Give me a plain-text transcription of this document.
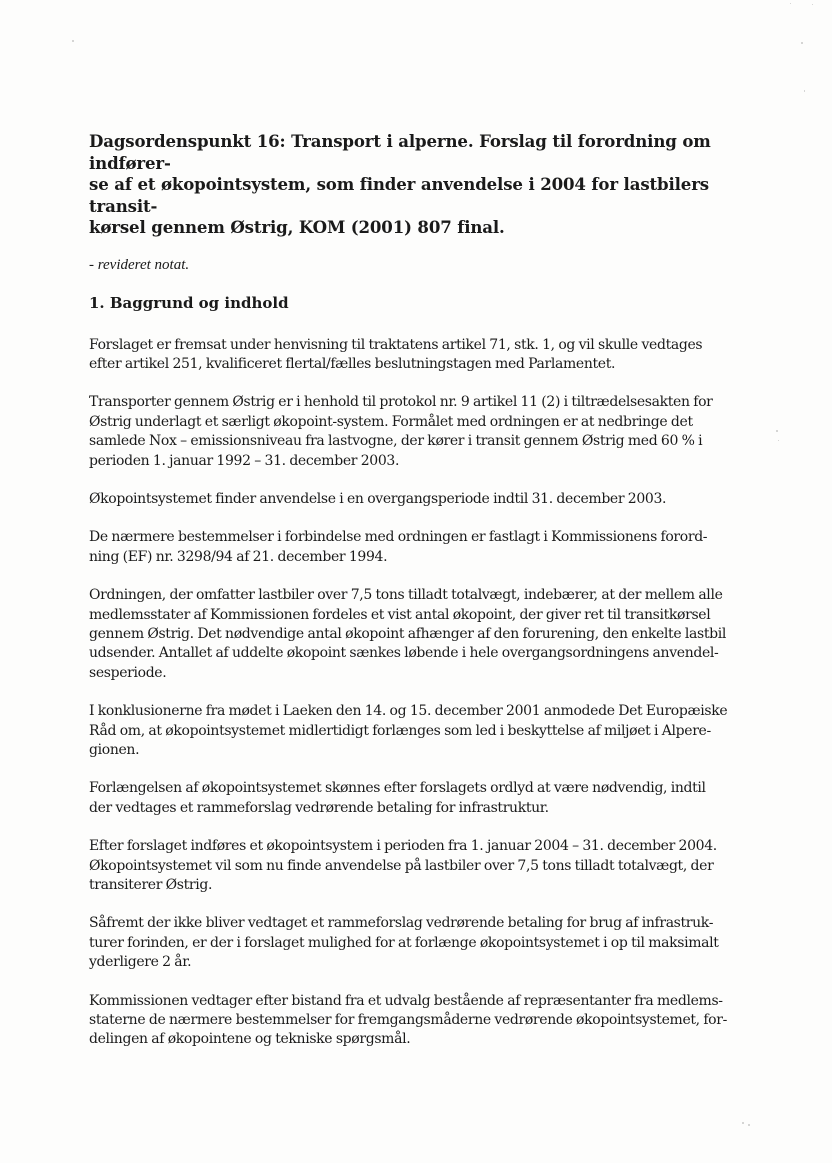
Dagsordenspunkt 16: Transport i alperne. Forslag til forordning om indfører-
se af et økopointsystem, som finder anvendelse i 2004 for lastbilers transit-
kørsel gennem Østrig, KOM (2001) 807 final.

- revideret notat.

1. Baggrund og indhold

Forslaget er fremsat under henvisning til traktatens artikel 71, stk. 1, og vil skulle vedtages
efter artikel 251, kvalificeret flertal/fælles beslutningstagen med Parlamentet.

Transporter gennem Østrig er i henhold til protokol nr. 9 artikel 11 (2) i tiltrædelsesakten for
Østrig underlagt et særligt økopoint-system. Formålet med ordningen er at nedbringe det
samlede Nox – emissionsniveau fra lastvogne, der kører i transit gennem Østrig med 60 % i
perioden 1. januar 1992 – 31. december 2003.

Økopointsystemet finder anvendelse i en overgangsperiode indtil 31. december 2003.

De nærmere bestemmelser i forbindelse med ordningen er fastlagt i Kommissionens forord-
ning (EF) nr. 3298/94 af 21. december 1994.

Ordningen, der omfatter lastbiler over 7,5 tons tilladt totalvægt, indebærer, at der mellem alle
medlemsstater af Kommissionen fordeles et vist antal økopoint, der giver ret til transitkørsel
gennem Østrig. Det nødvendige antal økopoint afhænger af den forurening, den enkelte lastbil
udsender. Antallet af uddelte økopoint sænkes løbende i hele overgangsordningens anvendel-
sesperiode.

I konklusionerne fra mødet i Laeken den 14. og 15. december 2001 anmodede Det Europæiske
Råd om, at økopointsystemet midlertidigt forlænges som led i beskyttelse af miljøet i Alpere-
gionen.

Forlængelsen af økopointsystemet skønnes efter forslagets ordlyd at være nødvendig, indtil
der vedtages et rammeforslag vedrørende betaling for infrastruktur.

Efter forslaget indføres et økopointsystem i perioden fra 1. januar 2004 – 31. december 2004.
Økopointsystemet vil som nu finde anvendelse på lastbiler over 7,5 tons tilladt totalvægt, der
transiterer Østrig.

Såfremt der ikke bliver vedtaget et rammeforslag vedrørende betaling for brug af infrastruk-
turer forinden, er der i forslaget mulighed for at forlænge økopointsystemet i op til maksimalt
yderligere 2 år.

Kommissionen vedtager efter bistand fra et udvalg bestående af repræsentanter fra medlems-
staterne de nærmere bestemmelser for fremgangsmåderne vedrørende økopointsystemet, for-
delingen af økopointene og tekniske spørgsmål.
